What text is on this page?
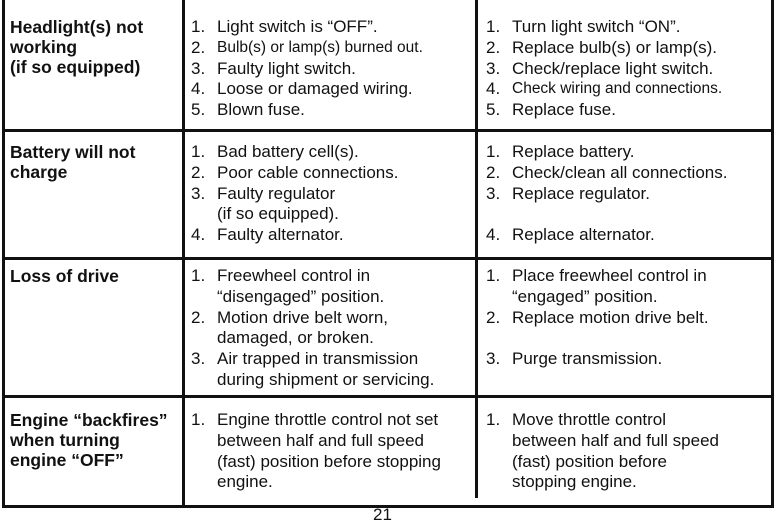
Headlight(s) not
working
(if so equipped)
1. Light switch is “OFF”.
2. Bulb(s) or lamp(s) burned out.
3. Faulty light switch.
4. Loose or damaged wiring.
5. Blown fuse.
1. Turn light switch “ON”.
2. Replace bulb(s) or lamp(s).
3. Check/replace light switch.
4. Check wiring and connections.
5. Replace fuse.
Battery will not
charge
1. Bad battery cell(s).
2. Poor cable connections.
3. Faulty regulator
(if so equipped).
4. Faulty alternator.
1. Replace battery.
2. Check/clean all connections.
3. Replace regulator.
4. Replace alternator.
Loss of drive	1. Freewheel control in
“disengaged” position.
2. Motion drive belt worn,
damaged, or broken.
3. Air trapped in transmission
during shipment or servicing.
1. Place freewheel control in
“engaged” position.
2. Replace motion drive belt.
3. Purge transmission.
Engine “backfires”
when turning
engine “OFF”
1. Engine throttle control not set
between half and full speed
(fast) position before stopping
engine.
1. Move throttle control
between half and full speed
(fast) position before
stopping engine.
21
